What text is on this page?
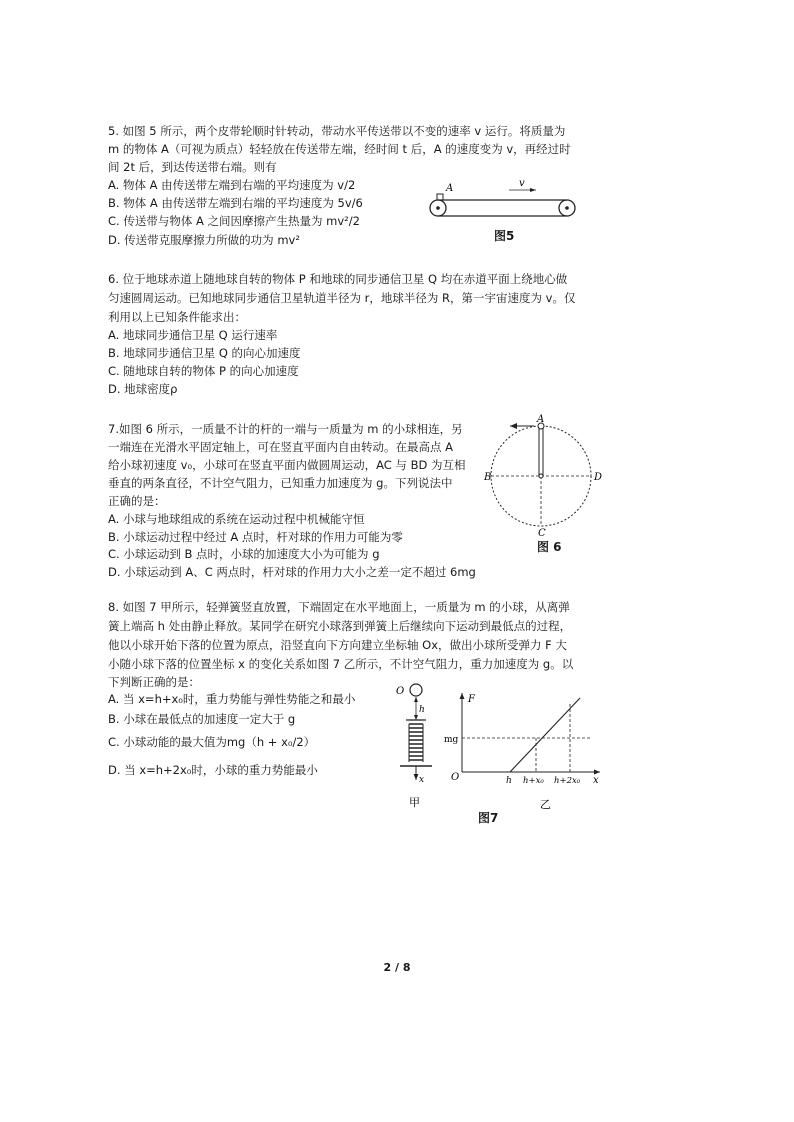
5. 如图 5 所示，两个皮带轮顺时针转动，带动水平传送带以不变的速率 v 运行。将质量为
m 的物体 A（可视为质点）轻轻放在传送带左端，经时间 t 后，A 的速度变为 v，再经过时
间 2t 后，到达传送带右端。则有
A. 物体 A 由传送带左端到右端的平均速度为 v/2
B. 物体 A 由传送带左端到右端的平均速度为 5v/6
C. 传送带与物体 A 之间因摩擦产生热量为 mv²/2
D. 传送带克服摩擦力所做的功为 mv²
A	v
图5
6. 位于地球赤道上随地球自转的物体 P 和地球的同步通信卫星 Q 均在赤道平面上绕地心做
匀速圆周运动。已知地球同步通信卫星轨道半径为 r，地球半径为 R，第一宇宙速度为 v。仅
利用以上已知条件能求出：
A. 地球同步通信卫星 Q 运行速率
B. 地球同步通信卫星 Q 的向心加速度
C. 随地球自转的物体 P 的向心加速度
D. 地球密度ρ
7.如图 6 所示，一质量不计的杆的一端与一质量为 m 的小球相连，另
一端连在光滑水平固定轴上，可在竖直平面内自由转动。在最高点 A
给小球初速度 v₀，小球可在竖直平面内做圆周运动，AC 与 BD 为互相
垂直的两条直径，不计空气阻力，已知重力加速度为 g。下列说法中
正确的是：
A. 小球与地球组成的系统在运动过程中机械能守恒
B. 小球运动过程中经过 A 点时，杆对球的作用力可能为零
C. 小球运动到 B 点时，小球的加速度大小为可能为 g
D. 小球运动到 A、C 两点时，杆对球的作用力大小之差一定不超过 6mg
A
B	D
C
图 6
8. 如图 7 甲所示，轻弹簧竖直放置，下端固定在水平地面上，一质量为 m 的小球，从离弹
簧上端高 h 处由静止释放。某同学在研究小球落到弹簧上后继续向下运动到最低点的过程，
他以小球开始下落的位置为原点，沿竖直向下方向建立坐标轴 Ox，做出小球所受弹力 F 大
小随小球下落的位置坐标 x 的变化关系如图 7 乙所示，不计空气阻力，重力加速度为 g。以
下判断正确的是：
A. 当 x=h+x₀时，重力势能与弹性势能之和最小
B. 小球在最低点的加速度一定大于 g
C. 小球动能的最大值为mg（h + x₀/2）
D. 当 x=h+2x₀时，小球的重力势能最小
O
h
x
甲
F
O	x
mg
h h+x₀ h+2x₀
乙
图7
2 / 8
